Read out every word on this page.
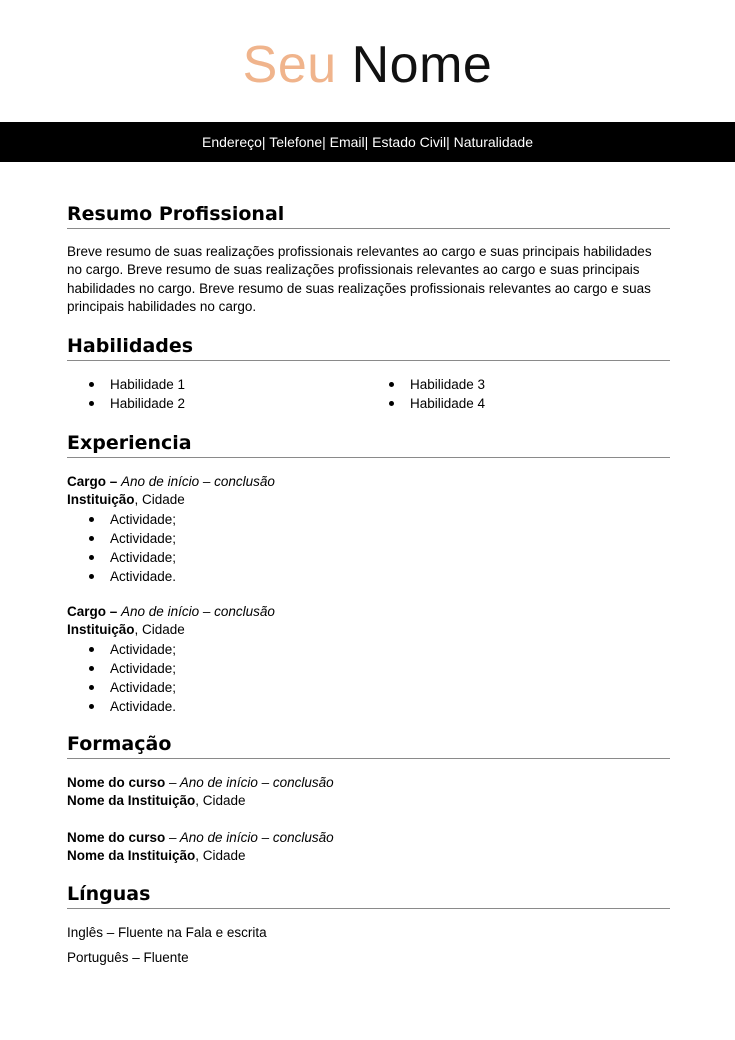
Seu Nome
Endereço| Telefone| Email| Estado Civil| Naturalidade
Resumo Profissional
Breve resumo de suas realizações profissionais relevantes ao cargo e suas principais habilidades no cargo. Breve resumo de suas realizações profissionais relevantes ao cargo e suas principais habilidades no cargo. Breve resumo de suas realizações profissionais relevantes ao cargo e suas principais habilidades no cargo.
Habilidades
Habilidade 1
Habilidade 2
Habilidade 3
Habilidade 4
Experiencia
Cargo – Ano de início – conclusão
Instituição, Cidade
Actividade;
Actividade;
Actividade;
Actividade.
Cargo – Ano de início – conclusão
Instituição, Cidade
Actividade;
Actividade;
Actividade;
Actividade.
Formação
Nome do curso – Ano de início – conclusão
Nome da Instituição, Cidade
Nome do curso – Ano de início – conclusão
Nome da Instituição, Cidade
Línguas
Inglês – Fluente na Fala e escrita
Português – Fluente
